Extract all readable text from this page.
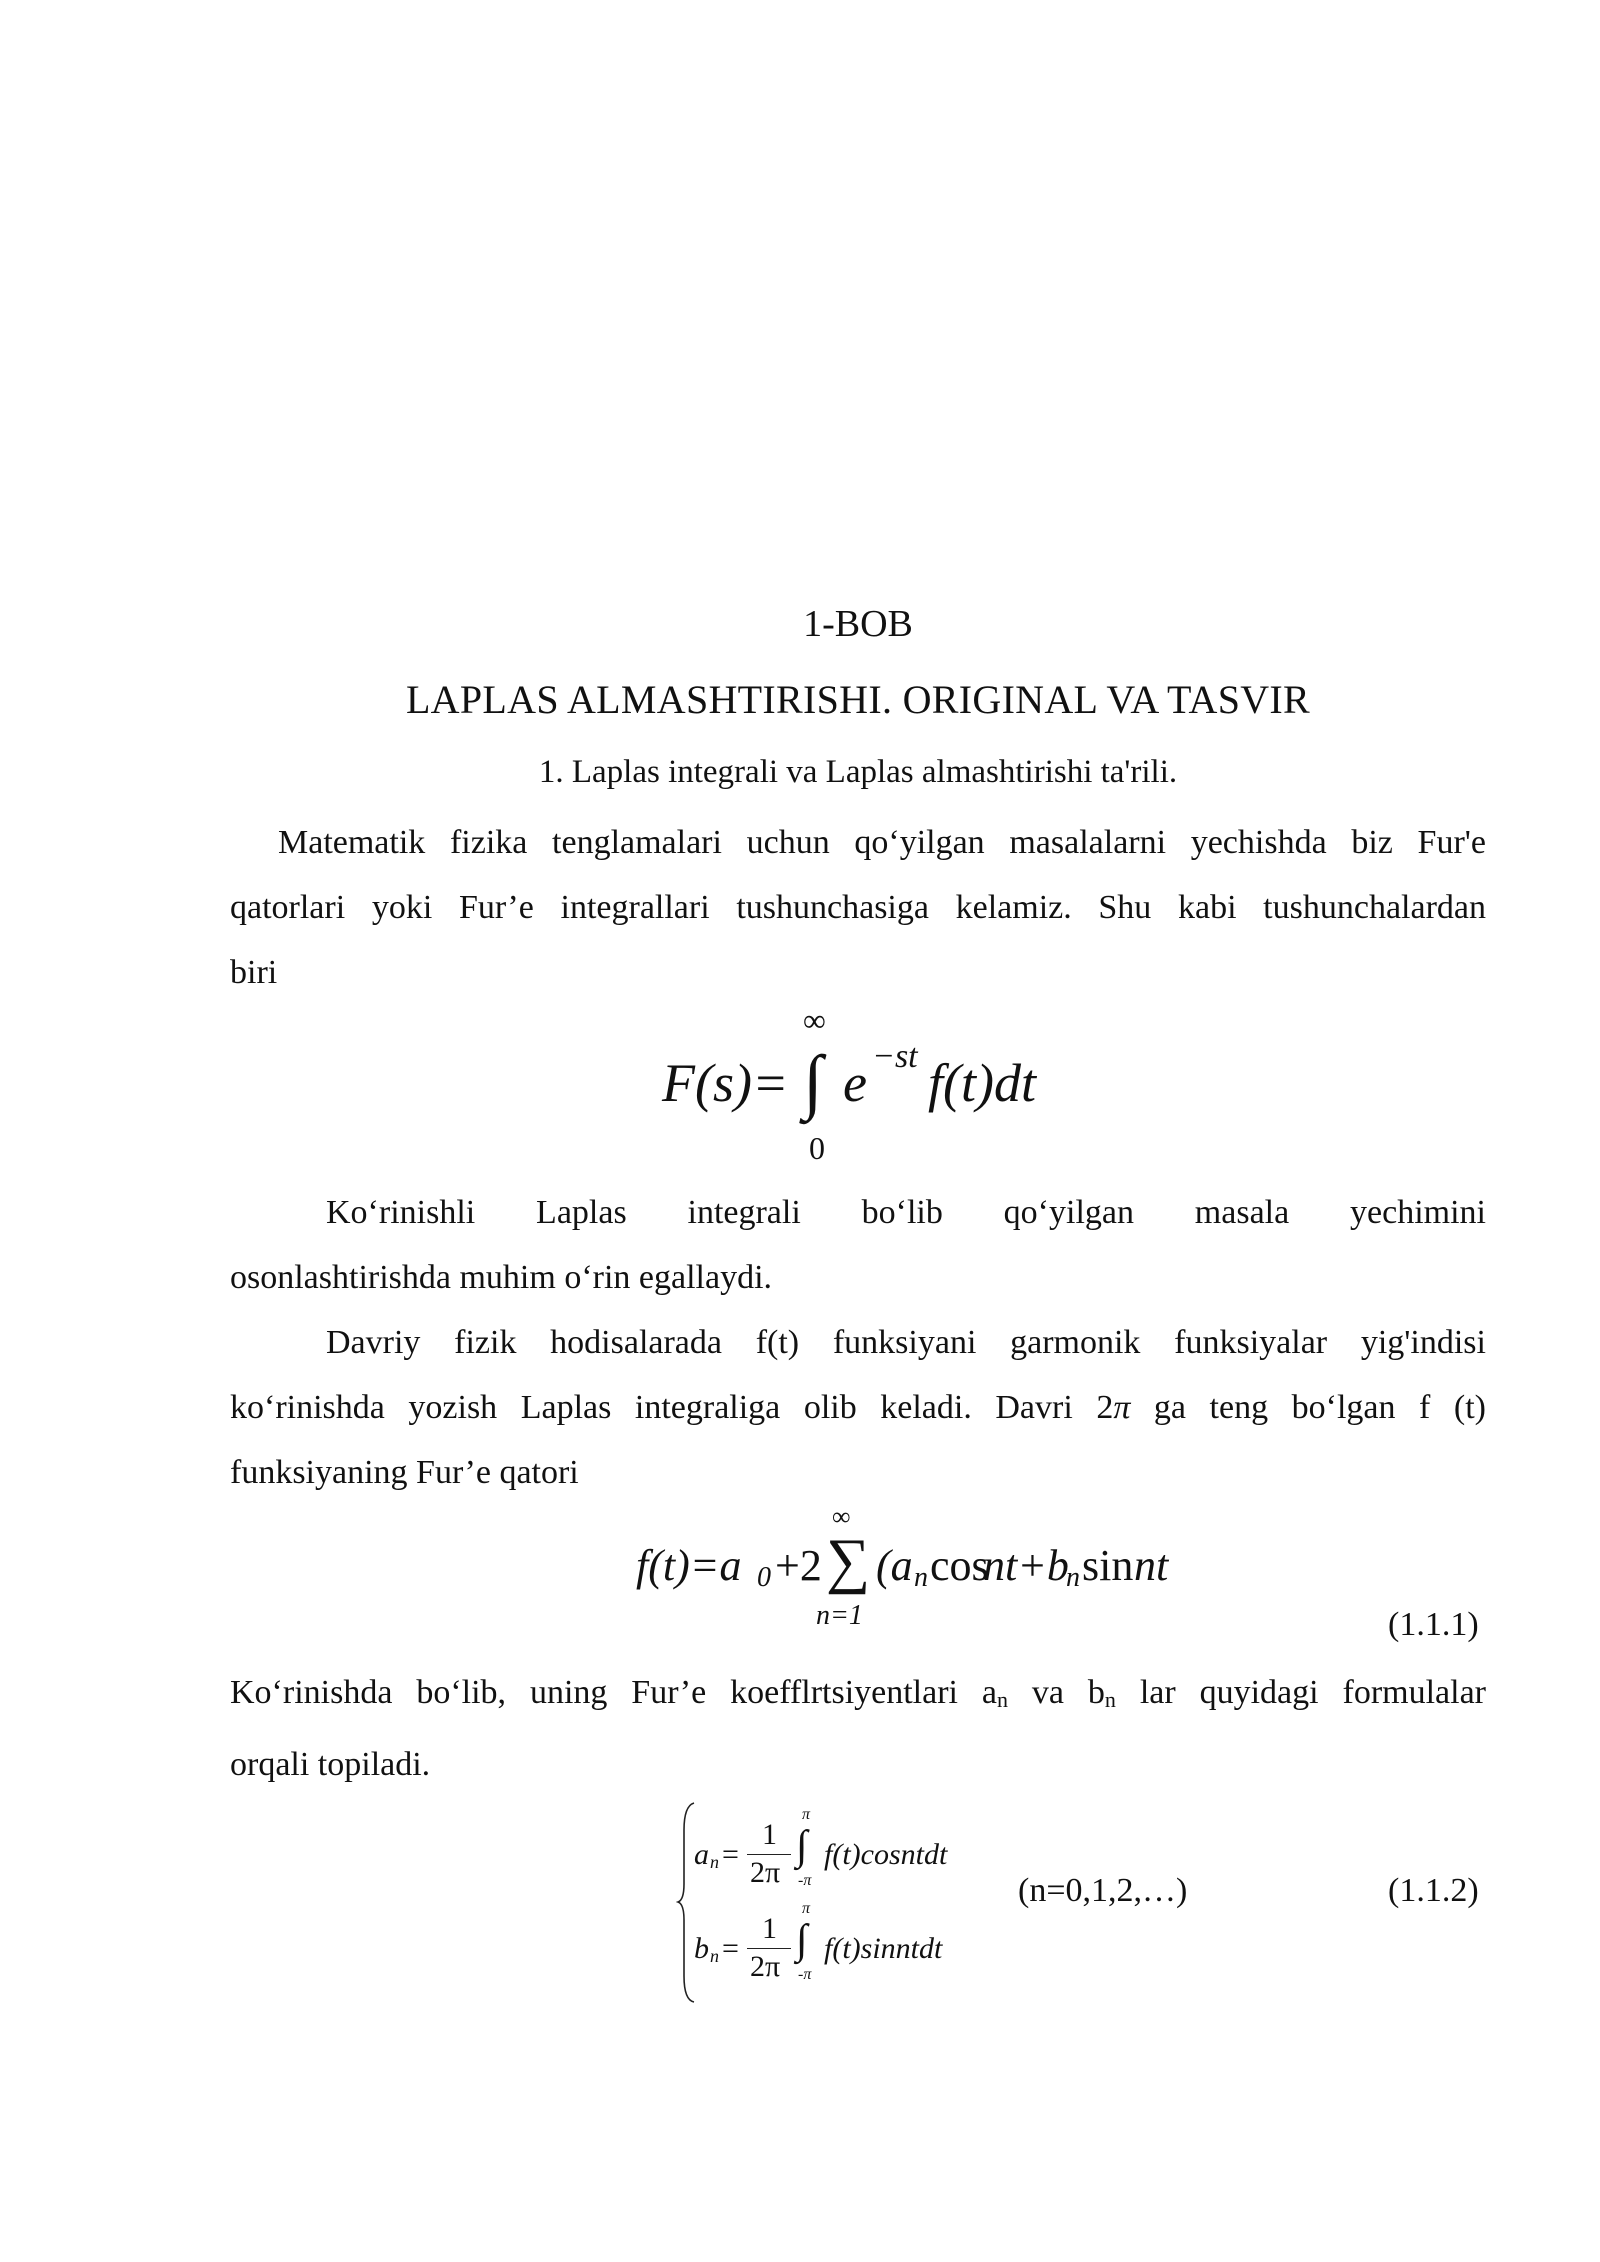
1-BOB
LAPLAS ALMASHTIRISHI. ORIGINAL VA TASVIR
1. Laplas integrali va Laplas almashtirishi ta'rili.
Matematik fizika tenglamalari uchun qo‘yilgan masalalarni yechishda biz Fur'e
qatorlari yoki Fur’e integrallari tushunchasiga kelamiz. Shu kabi tushunchalardan
biri
F(s)= ∫
∞
0
e −st f(t)dt
Ko‘rinishli Laplas integrali bo‘lib qo‘yilgan masala yechimini
osonlashtirishda muhim o‘rin egallaydi.
Davriy fizik hodisalarada f(t) funksiyani garmonik funksiyalar yig'indisi
ko‘rinishda yozish Laplas integraliga olib keladi. Davri 2π ga teng bo‘lgan f (t)
funksiyaning Fur’e qatori
f(t)=a 0 +2 ∑
∞
n=1
(a n cos
nt+b
n sin nt
(1.1.1)
Ko‘rinishda bo‘lib, uning Fur’e koefflrtsiyentlari $a_n$ va $b_n$ lar quyidagi formulalar
orqali topiladi.
a n =
1
2π
∫
π
-π
f(t)cosntdt
b n =
1
2π
∫
π
-π
f(t)sinntdt
(n=0,1,2,…)	(1.1.2)
